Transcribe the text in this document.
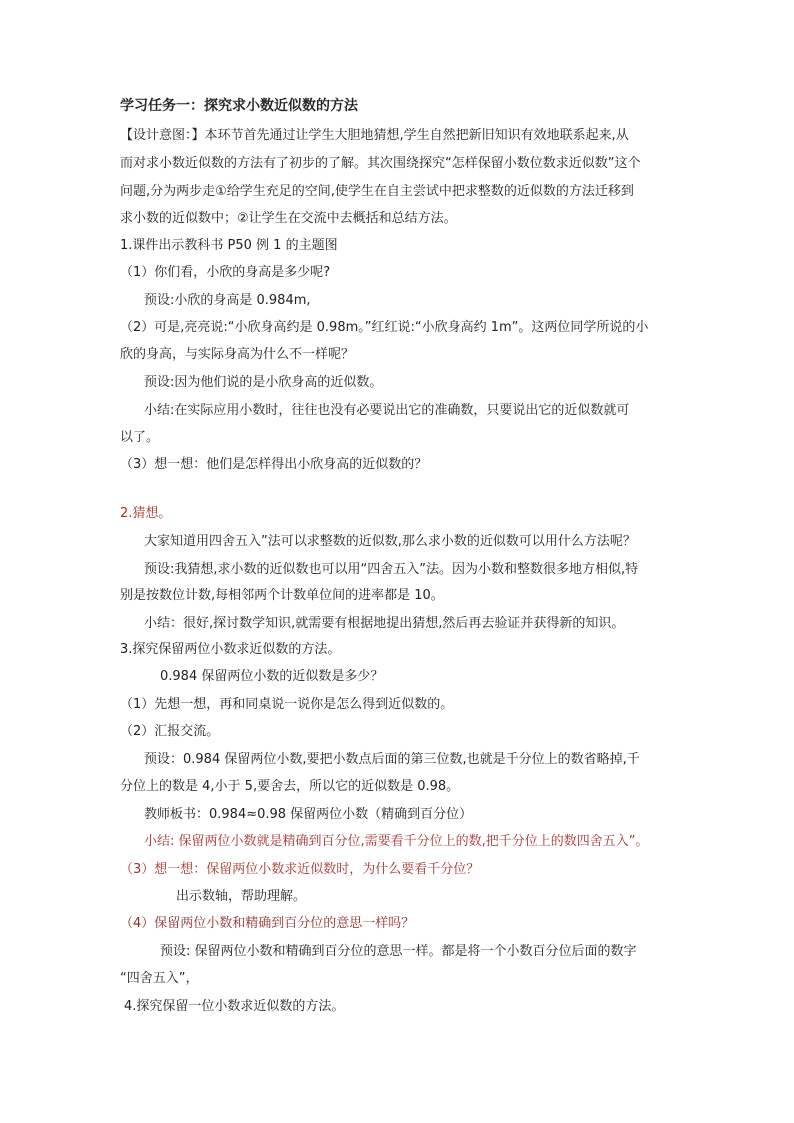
学习任务一：探究求小数近似数的方法
【设计意图：】本环节首先通过让学生大胆地猜想,学生自然把新旧知识有效地联系起来,从
而对求小数近似数的方法有了初步的了解。其次围绕探究“怎样保留小数位数求近似数”这个
问题,分为两步走①给学生充足的空间,使学生在自主尝试中把求整数的近似数的方法迁移到
求小数的近似数中；②让学生在交流中去概括和总结方法。
1.课件出示教科书 P50 例 1 的主题图
（1）你们看，小欣的身高是多少呢?
预设:小欣的身高是 0.984m,
（2）可是,亮亮说:“小欣身高约是 0.98m。”红红说:“小欣身高约 1m”。这两位同学所说的小
欣的身高，与实际身高为什么不一样呢？
预设:因为他们说的是小欣身高的近似数。
小结:在实际应用小数时，往往也没有必要说出它的准确数，只要说出它的近似数就可
以了。
（3）想一想：他们是怎样得出小欣身高的近似数的？
2.猜想。
大家知道用四舍五入”法可以求整数的近似数,那么求小数的近似数可以用什么方法呢？
预设:我猜想,求小数的近似数也可以用“四舍五入”法。因为小数和整数很多地方相似,特
别是按数位计数,每相邻两个计数单位间的进率都是 10。
小结：很好,探讨数学知识,就需要有根据地提出猜想,然后再去验证并获得新的知识。
3.探究保留两位小数求近似数的方法。
0.984 保留两位小数的近似数是多少？
（1）先想一想，再和同桌说一说你是怎么得到近似数的。
（2）汇报交流。
预设：0.984 保留两位小数,要把小数点后面的第三位数,也就是千分位上的数省略掉,千
分位上的数是 4,小于 5,要舍去，所以它的近似数是 0.98。
教师板书：0.984≈0.98 保留两位小数（精确到百分位）
小结: 保留两位小数就是精确到百分位,需要看千分位上的数,把千分位上的数四舍五入”。
（3）想一想：保留两位小数求近似数时，为什么要看千分位？
出示数轴，帮助理解。
（4）保留两位小数和精确到百分位的意思一样吗？
预设: 保留两位小数和精确到百分位的意思一样。都是将一个小数百分位后面的数字
“四舍五入”，
4.探究保留一位小数求近似数的方法。
